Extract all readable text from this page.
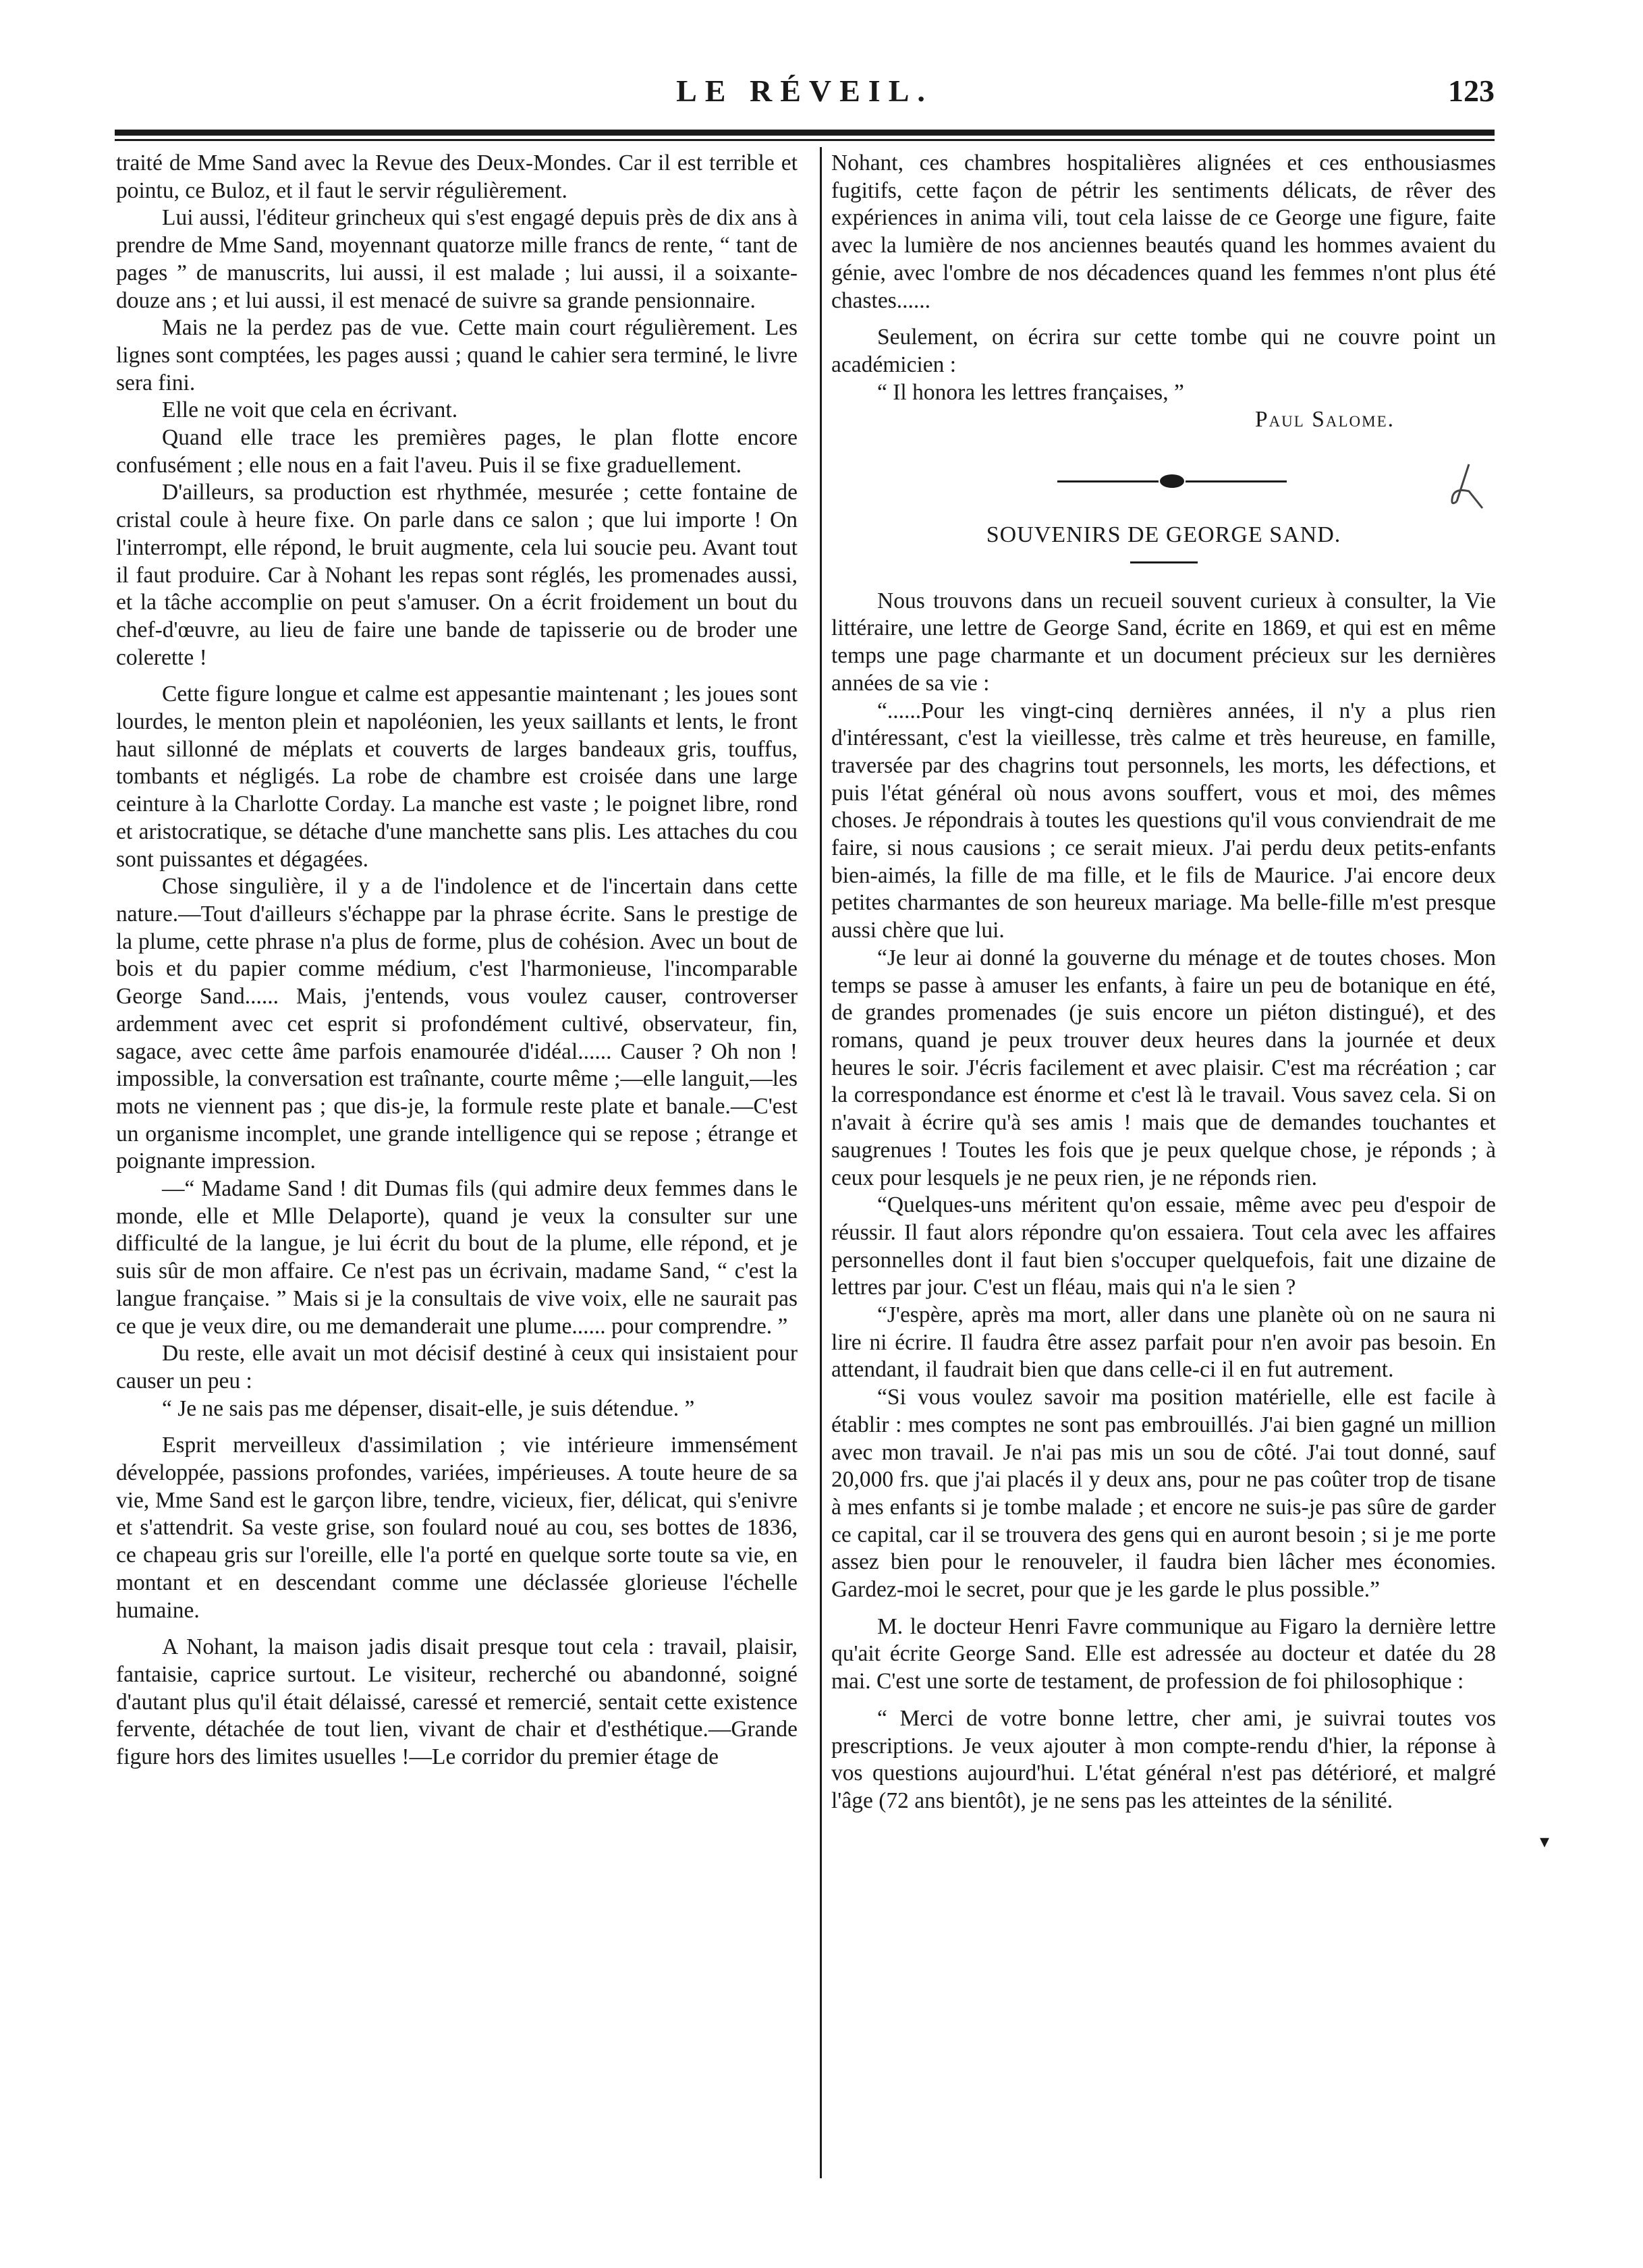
LE RÉVEIL.	123

traité de Mme Sand avec la Revue des Deux-Mondes. Car il est terrible et pointu, ce Buloz, et il faut le servir régulièrement.

Lui aussi, l'éditeur grincheux qui s'est engagé depuis près de dix ans à prendre de Mme Sand, moyennant quatorze mille francs de rente, “ tant de pages ” de manuscrits, lui aussi, il est malade ; lui aussi, il a soixante-douze ans ; et lui aussi, il est menacé de suivre sa grande pensionnaire.

Mais ne la perdez pas de vue. Cette main court régulièrement. Les lignes sont comptées, les pages aussi ; quand le cahier sera terminé, le livre sera fini.

Elle ne voit que cela en écrivant.

Quand elle trace les premières pages, le plan flotte encore confusément ; elle nous en a fait l'aveu. Puis il se fixe graduellement.

D'ailleurs, sa production est rhythmée, mesurée ; cette fontaine de cristal coule à heure fixe. On parle dans ce salon ; que lui importe ! On l'interrompt, elle répond, le bruit augmente, cela lui soucie peu. Avant tout il faut produire. Car à Nohant les repas sont réglés, les promenades aussi, et la tâche accomplie on peut s'amuser. On a écrit froidement un bout du chef-d'œuvre, au lieu de faire une bande de tapisserie ou de broder une colerette !

Cette figure longue et calme est appesantie maintenant ; les joues sont lourdes, le menton plein et napoléonien, les yeux saillants et lents, le front haut sillonné de méplats et couverts de larges bandeaux gris, touffus, tombants et négligés. La robe de chambre est croisée dans une large ceinture à la Charlotte Corday. La manche est vaste ; le poignet libre, rond et aristocratique, se détache d'une manchette sans plis. Les attaches du cou sont puissantes et dégagées.

Chose singulière, il y a de l'indolence et de l'incertain dans cette nature.—Tout d'ailleurs s'échappe par la phrase écrite. Sans le prestige de la plume, cette phrase n'a plus de forme, plus de cohésion. Avec un bout de bois et du papier comme médium, c'est l'harmonieuse, l'incomparable George Sand...... Mais, j'entends, vous voulez causer, controverser ardemment avec cet esprit si profondément cultivé, observateur, fin, sagace, avec cette âme parfois enamourée d'idéal...... Causer ? Oh non ! impossible, la conversation est traînante, courte même ;—elle languit,—les mots ne viennent pas ; que dis-je, la formule reste plate et banale.—C'est un organisme incomplet, une grande intelligence qui se repose ; étrange et poignante impression.

—“ Madame Sand ! dit Dumas fils (qui admire deux femmes dans le monde, elle et Mlle Delaporte), quand je veux la consulter sur une difficulté de la langue, je lui écrit du bout de la plume, elle répond, et je suis sûr de mon affaire. Ce n'est pas un écrivain, madame Sand, “ c'est la langue française. ” Mais si je la consultais de vive voix, elle ne saurait pas ce que je veux dire, ou me demanderait une plume...... pour comprendre. ”

Du reste, elle avait un mot décisif destiné à ceux qui insistaient pour causer un peu :

“ Je ne sais pas me dépenser, disait-elle, je suis détendue. ”

Esprit merveilleux d'assimilation ; vie intérieure immensément développée, passions profondes, variées, impérieuses. A toute heure de sa vie, Mme Sand est le garçon libre, tendre, vicieux, fier, délicat, qui s'enivre et s'attendrit. Sa veste grise, son foulard noué au cou, ses bottes de 1836, ce chapeau gris sur l'oreille, elle l'a porté en quelque sorte toute sa vie, en montant et en descendant comme une déclassée glorieuse l'échelle humaine.

A Nohant, la maison jadis disait presque tout cela : travail, plaisir, fantaisie, caprice surtout. Le visiteur, recherché ou abandonné, soigné d'autant plus qu'il était délaissé, caressé et remercié, sentait cette existence fervente, détachée de tout lien, vivant de chair et d'esthétique.—Grande figure hors des limites usuelles !—Le corridor du premier étage de

Nohant, ces chambres hospitalières alignées et ces enthousiasmes fugitifs, cette façon de pétrir les sentiments délicats, de rêver des expériences in anima vili, tout cela laisse de ce George une figure, faite avec la lumière de nos anciennes beautés quand les hommes avaient du génie, avec l'ombre de nos décadences quand les femmes n'ont plus été chastes......

Seulement, on écrira sur cette tombe qui ne couvre point un académicien :

“ Il honora les lettres françaises, ”

Paul Salome.
SOUVENIRS DE GEORGE SAND.

Nous trouvons dans un recueil souvent curieux à consulter, la Vie littéraire, une lettre de George Sand, écrite en 1869, et qui est en même temps une page charmante et un document précieux sur les dernières années de sa vie :

“......Pour les vingt-cinq dernières années, il n'y a plus rien d'intéressant, c'est la vieillesse, très calme et très heureuse, en famille, traversée par des chagrins tout personnels, les morts, les défections, et puis l'état général où nous avons souffert, vous et moi, des mêmes choses. Je répondrais à toutes les questions qu'il vous conviendrait de me faire, si nous causions ; ce serait mieux. J'ai perdu deux petits-enfants bien-aimés, la fille de ma fille, et le fils de Maurice. J'ai encore deux petites charmantes de son heureux mariage. Ma belle-fille m'est presque aussi chère que lui.

“Je leur ai donné la gouverne du ménage et de toutes choses. Mon temps se passe à amuser les enfants, à faire un peu de botanique en été, de grandes promenades (je suis encore un piéton distingué), et des romans, quand je peux trouver deux heures dans la journée et deux heures le soir. J'écris facilement et avec plaisir. C'est ma récréation ; car la correspondance est énorme et c'est là le travail. Vous savez cela. Si on n'avait à écrire qu'à ses amis ! mais que de demandes touchantes et saugrenues ! Toutes les fois que je peux quelque chose, je réponds ; à ceux pour lesquels je ne peux rien, je ne réponds rien.

“Quelques-uns méritent qu'on essaie, même avec peu d'espoir de réussir. Il faut alors répondre qu'on essaiera. Tout cela avec les affaires personnelles dont il faut bien s'occuper quelquefois, fait une dizaine de lettres par jour. C'est un fléau, mais qui n'a le sien ?

“J'espère, après ma mort, aller dans une planète où on ne saura ni lire ni écrire. Il faudra être assez parfait pour n'en avoir pas besoin. En attendant, il faudrait bien que dans celle-ci il en fut autrement.

“Si vous voulez savoir ma position matérielle, elle est facile à établir : mes comptes ne sont pas embrouillés. J'ai bien gagné un million avec mon travail. Je n'ai pas mis un sou de côté. J'ai tout donné, sauf 20,000 frs. que j'ai placés il y deux ans, pour ne pas coûter trop de tisane à mes enfants si je tombe malade ; et encore ne suis-je pas sûre de garder ce capital, car il se trouvera des gens qui en auront besoin ; si je me porte assez bien pour le renouveler, il faudra bien lâcher mes économies. Gardez-moi le secret, pour que je les garde le plus possible.”

M. le docteur Henri Favre communique au Figaro la dernière lettre qu'ait écrite George Sand. Elle est adressée au docteur et datée du 28 mai. C'est une sorte de testament, de profession de foi philosophique :

“ Merci de votre bonne lettre, cher ami, je suivrai toutes vos prescriptions. Je veux ajouter à mon compte-rendu d'hier, la réponse à vos questions aujourd'hui. L'état général n'est pas détérioré, et malgré l'âge (72 ans bientôt), je ne sens pas les atteintes de la sénilité.

▾
